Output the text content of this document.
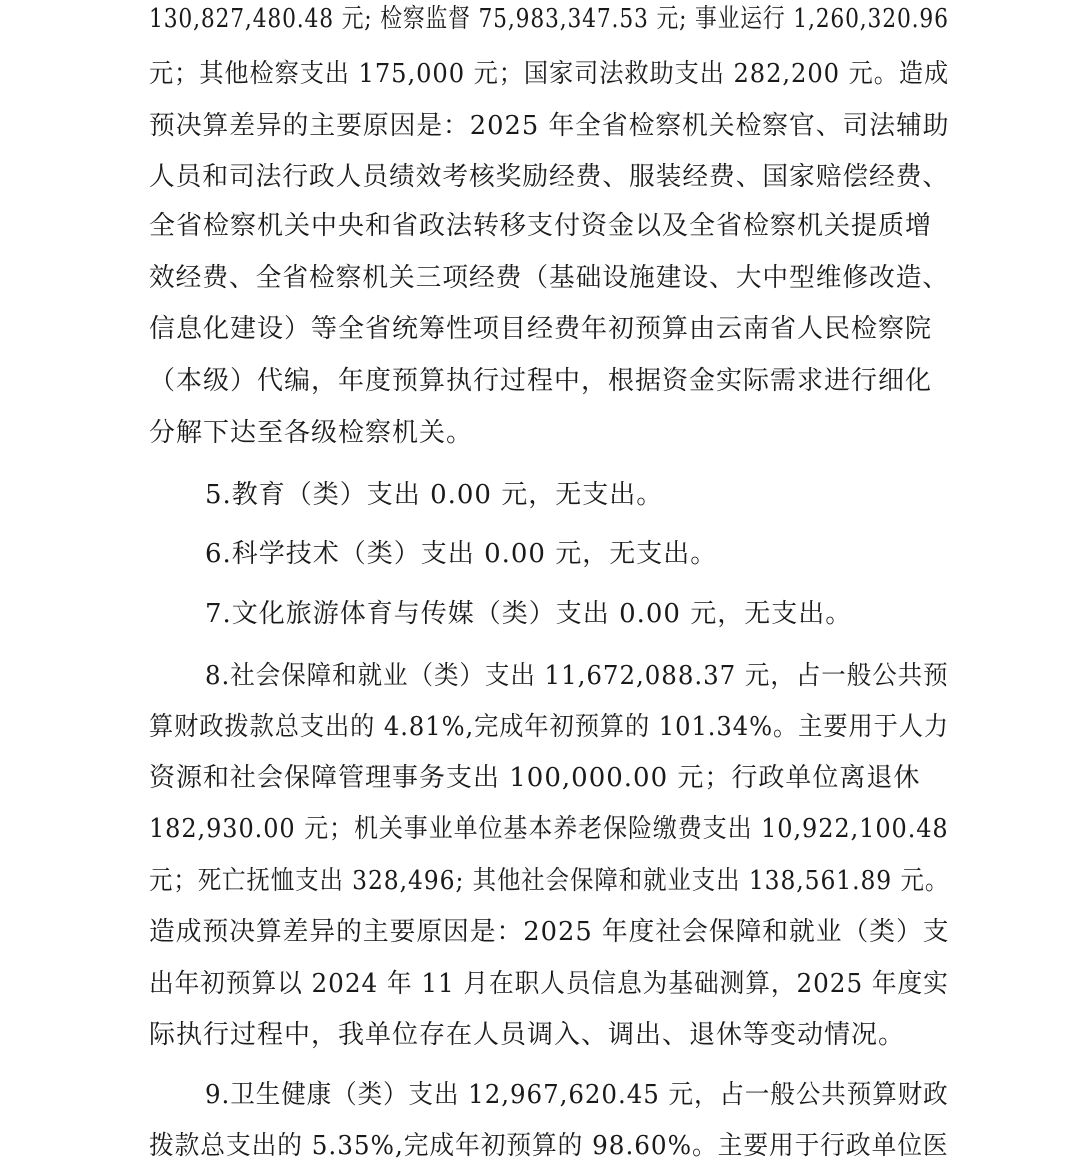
130,827,480.48 元; 检察监督 75,983,347.53 元; 事业运行 1,260,320.96
元；其他检察支出 175,000 元；国家司法救助支出 282,200 元。造成
预决算差异的主要原因是：2025 年全省检察机关检察官、司法辅助
人员和司法行政人员绩效考核奖励经费、服装经费、国家赔偿经费、
全省检察机关中央和省政法转移支付资金以及全省检察机关提质增
效经费、全省检察机关三项经费（基础设施建设、大中型维修改造、
信息化建设）等全省统筹性项目经费年初预算由云南省人民检察院
（本级）代编，年度预算执行过程中，根据资金实际需求进行细化
分解下达至各级检察机关。
5.教育（类）支出 0.00 元，无支出。
6.科学技术（类）支出 0.00 元，无支出。
7.文化旅游体育与传媒（类）支出 0.00 元，无支出。
8.社会保障和就业（类）支出 11,672,088.37 元，占一般公共预
算财政拨款总支出的 4.81%,完成年初预算的 101.34%。主要用于人力
资源和社会保障管理事务支出 100,000.00 元；行政单位离退休
182,930.00 元；机关事业单位基本养老保险缴费支出 10,922,100.48
元；死亡抚恤支出 328,496; 其他社会保障和就业支出 138,561.89 元。
造成预决算差异的主要原因是：2025 年度社会保障和就业（类）支
出年初预算以 2024 年 11 月在职人员信息为基础测算，2025 年度实
际执行过程中，我单位存在人员调入、调出、退休等变动情况。
9.卫生健康（类）支出 12,967,620.45 元，占一般公共预算财政
拨款总支出的 5.35%,完成年初预算的 98.60%。主要用于行政单位医
